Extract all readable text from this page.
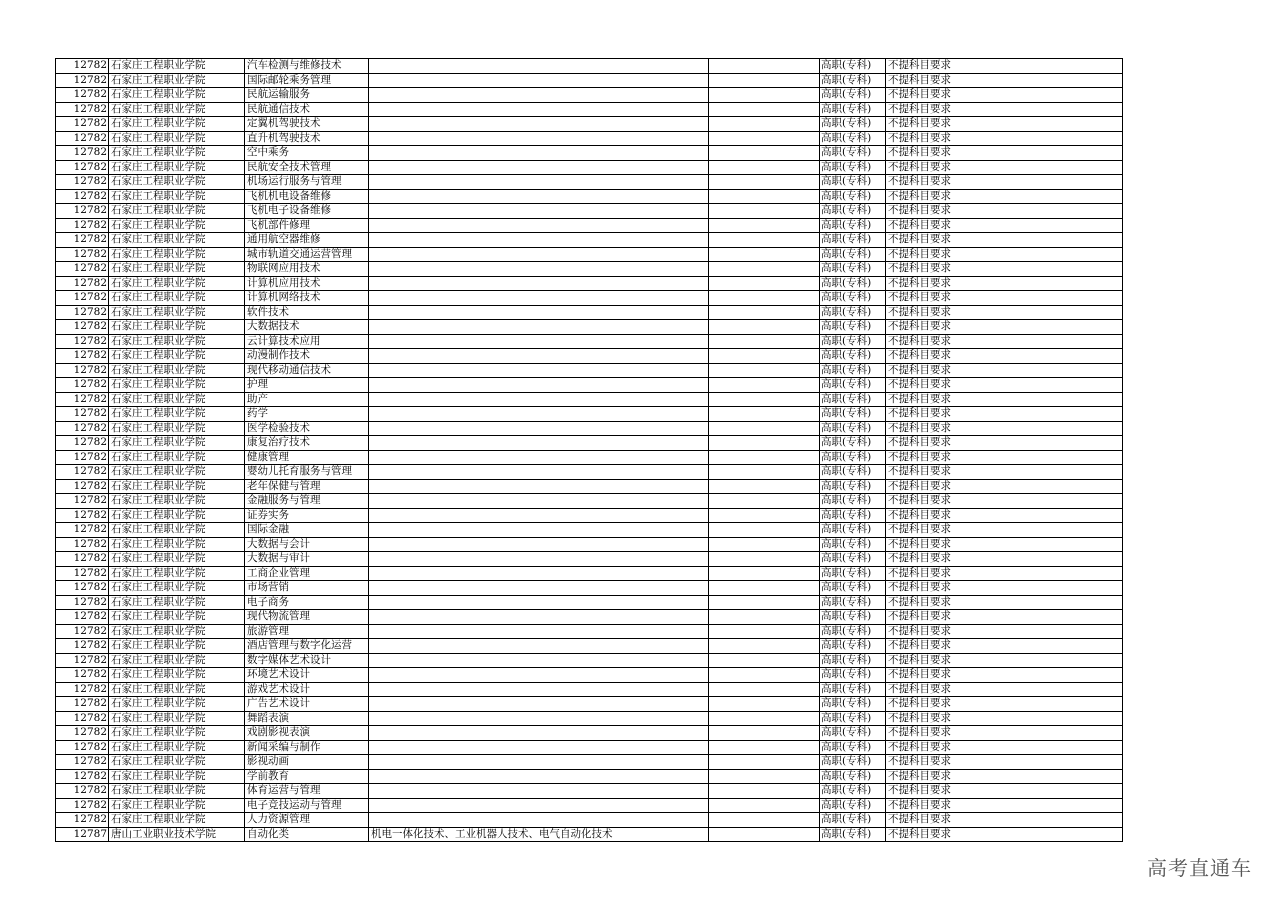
12782	石家庄工程职业学院	汽车检测与维修技术			高职(专科)	不提科目要求
12782	石家庄工程职业学院	国际邮轮乘务管理			高职(专科)	不提科目要求
12782	石家庄工程职业学院	民航运输服务			高职(专科)	不提科目要求
12782	石家庄工程职业学院	民航通信技术			高职(专科)	不提科目要求
12782	石家庄工程职业学院	定翼机驾驶技术			高职(专科)	不提科目要求
12782	石家庄工程职业学院	直升机驾驶技术			高职(专科)	不提科目要求
12782	石家庄工程职业学院	空中乘务			高职(专科)	不提科目要求
12782	石家庄工程职业学院	民航安全技术管理			高职(专科)	不提科目要求
12782	石家庄工程职业学院	机场运行服务与管理			高职(专科)	不提科目要求
12782	石家庄工程职业学院	飞机机电设备维修			高职(专科)	不提科目要求
12782	石家庄工程职业学院	飞机电子设备维修			高职(专科)	不提科目要求
12782	石家庄工程职业学院	飞机部件修理			高职(专科)	不提科目要求
12782	石家庄工程职业学院	通用航空器维修			高职(专科)	不提科目要求
12782	石家庄工程职业学院	城市轨道交通运营管理			高职(专科)	不提科目要求
12782	石家庄工程职业学院	物联网应用技术			高职(专科)	不提科目要求
12782	石家庄工程职业学院	计算机应用技术			高职(专科)	不提科目要求
12782	石家庄工程职业学院	计算机网络技术			高职(专科)	不提科目要求
12782	石家庄工程职业学院	软件技术			高职(专科)	不提科目要求
12782	石家庄工程职业学院	大数据技术			高职(专科)	不提科目要求
12782	石家庄工程职业学院	云计算技术应用			高职(专科)	不提科目要求
12782	石家庄工程职业学院	动漫制作技术			高职(专科)	不提科目要求
12782	石家庄工程职业学院	现代移动通信技术			高职(专科)	不提科目要求
12782	石家庄工程职业学院	护理			高职(专科)	不提科目要求
12782	石家庄工程职业学院	助产			高职(专科)	不提科目要求
12782	石家庄工程职业学院	药学			高职(专科)	不提科目要求
12782	石家庄工程职业学院	医学检验技术			高职(专科)	不提科目要求
12782	石家庄工程职业学院	康复治疗技术			高职(专科)	不提科目要求
12782	石家庄工程职业学院	健康管理			高职(专科)	不提科目要求
12782	石家庄工程职业学院	婴幼儿托育服务与管理			高职(专科)	不提科目要求
12782	石家庄工程职业学院	老年保健与管理			高职(专科)	不提科目要求
12782	石家庄工程职业学院	金融服务与管理			高职(专科)	不提科目要求
12782	石家庄工程职业学院	证券实务			高职(专科)	不提科目要求
12782	石家庄工程职业学院	国际金融			高职(专科)	不提科目要求
12782	石家庄工程职业学院	大数据与会计			高职(专科)	不提科目要求
12782	石家庄工程职业学院	大数据与审计			高职(专科)	不提科目要求
12782	石家庄工程职业学院	工商企业管理			高职(专科)	不提科目要求
12782	石家庄工程职业学院	市场营销			高职(专科)	不提科目要求
12782	石家庄工程职业学院	电子商务			高职(专科)	不提科目要求
12782	石家庄工程职业学院	现代物流管理			高职(专科)	不提科目要求
12782	石家庄工程职业学院	旅游管理			高职(专科)	不提科目要求
12782	石家庄工程职业学院	酒店管理与数字化运营			高职(专科)	不提科目要求
12782	石家庄工程职业学院	数字媒体艺术设计			高职(专科)	不提科目要求
12782	石家庄工程职业学院	环境艺术设计			高职(专科)	不提科目要求
12782	石家庄工程职业学院	游戏艺术设计			高职(专科)	不提科目要求
12782	石家庄工程职业学院	广告艺术设计			高职(专科)	不提科目要求
12782	石家庄工程职业学院	舞蹈表演			高职(专科)	不提科目要求
12782	石家庄工程职业学院	戏剧影视表演			高职(专科)	不提科目要求
12782	石家庄工程职业学院	新闻采编与制作			高职(专科)	不提科目要求
12782	石家庄工程职业学院	影视动画			高职(专科)	不提科目要求
12782	石家庄工程职业学院	学前教育			高职(专科)	不提科目要求
12782	石家庄工程职业学院	体育运营与管理			高职(专科)	不提科目要求
12782	石家庄工程职业学院	电子竞技运动与管理			高职(专科)	不提科目要求
12782	石家庄工程职业学院	人力资源管理			高职(专科)	不提科目要求
12787	唐山工业职业技术学院	自动化类	机电一体化技术、工业机器人技术、电气自动化技术		高职(专科)	不提科目要求
高考直通车
